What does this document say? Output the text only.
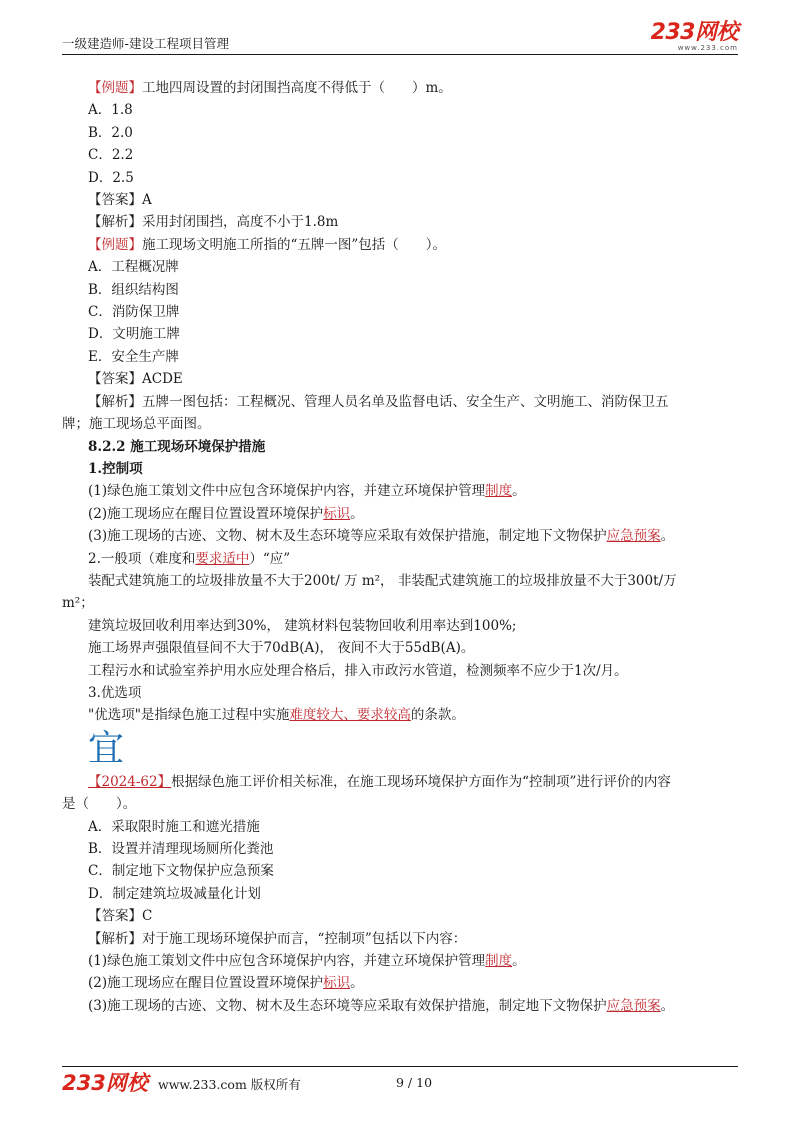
一级建造师-建设工程项目管理	233网校
www.233.com
【例题】工地四周设置的封闭围挡高度不得低于（　　）m。
A．1.8
B．2.0
C．2.2
D．2.5
【答案】A
【解析】采用封闭围挡，高度不小于1.8m
【例题】施工现场文明施工所指的“五牌一图”包括（　　）。
A．工程概况牌
B．组织结构图
C．消防保卫牌
D．文明施工牌
E．安全生产牌
【答案】ACDE
【解析】五牌一图包括：工程概况、管理人员名单及监督电话、安全生产、文明施工、消防保卫五
牌；施工现场总平面图。
8.2.2 施工现场环境保护措施
1.控制项
(1)绿色施工策划文件中应包含环境保护内容，并建立环境保护管理制度。
(2)施工现场应在醒目位置设置环境保护标识。
(3)施工现场的古迹、文物、树木及生态环境等应采取有效保护措施，制定地下文物保护应急预案。
2.一般项（难度和要求适中）“应”
装配式建筑施工的垃圾排放量不大于200t/ 万 m²， 非装配式建筑施工的垃圾排放量不大于300t/万
m²；
建筑垃圾回收利用率达到30%， 建筑材料包装物回收利用率达到100%;
施工场界声强限值昼间不大于70dB(A)， 夜间不大于55dB(A)。
工程污水和试验室养护用水应处理合格后，排入市政污水管道，检测频率不应少于1次/月。
3.优选项
"优选项"是指绿色施工过程中实施难度较大、要求较高的条款。
宜
【2024-62】根据绿色施工评价相关标准，在施工现场环境保护方面作为“控制项”进行评价的内容
是（　　）。
A．采取限时施工和遮光措施
B．设置并清理现场厕所化粪池
C．制定地下文物保护应急预案
D．制定建筑垃圾减量化计划
【答案】C
【解析】对于施工现场环境保护而言，“控制项”包括以下内容：
(1)绿色施工策划文件中应包含环境保护内容，并建立环境保护管理制度。
(2)施工现场应在醒目位置设置环境保护标识。
(3)施工现场的古迹、文物、树木及生态环境等应采取有效保护措施，制定地下文物保护应急预案。
233网校 www.233.com 版权所有	9 / 10
